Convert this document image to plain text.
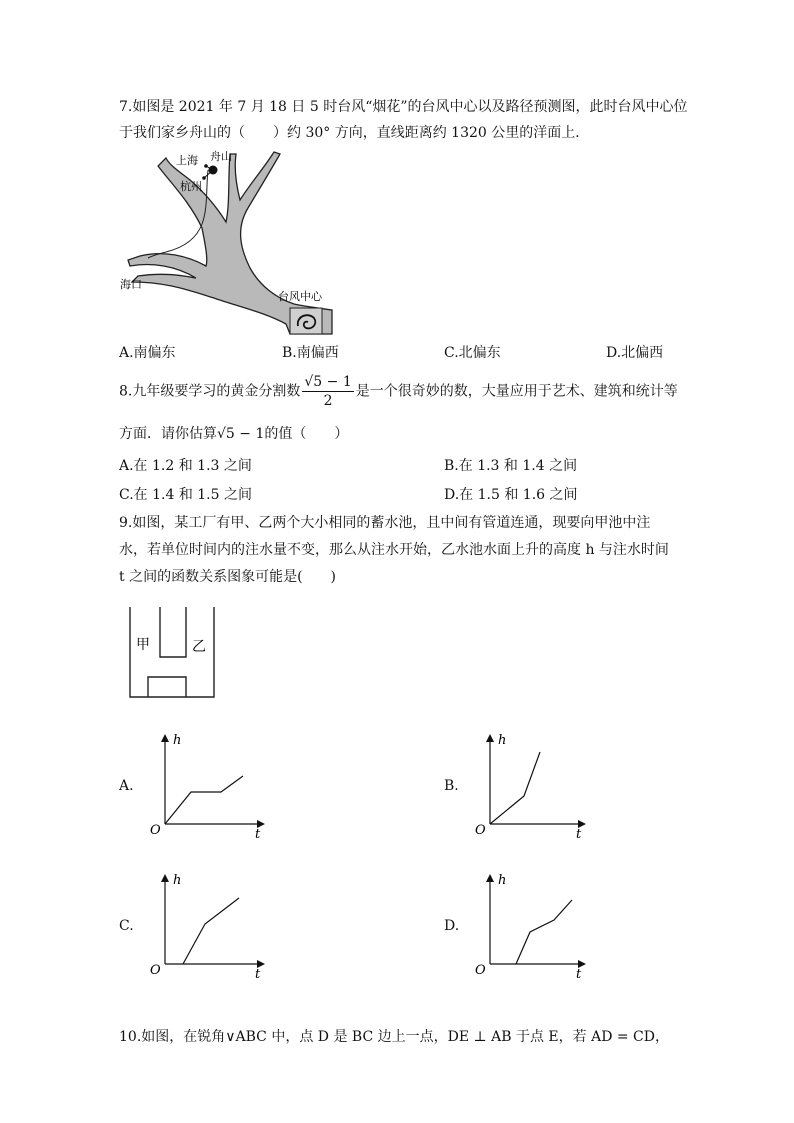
7.如图是 2021 年 7 月 18 日 5 时台风“烟花”的台风中心以及路径预测图，此时台风中心位
于我们家乡舟山的（　　）约 30° 方向，直线距离约 1320 公里的洋面上．
上海 舟山
杭州
海口
台风中心
A.南偏东	B.南偏西	C.北偏东	D.北偏西
8.九年级要学习的黄金分割数 $\frac{√5 - 1}{2}$ 是一个很奇妙的数，大量应用于艺术、建筑和统计等
方面．请你估算√5 − 1的值（　　）
A.在 1.2 和 1.3 之间	B.在 1.3 和 1.4 之间
C.在 1.4 和 1.5 之间	D.在 1.5 和 1.6 之间
9.如图，某工厂有甲、乙两个大小相同的蓄水池，且中间有管道连通，现要向甲池中注
水，若单位时间内的注水量不变，那么从注水开始，乙水池水面上升的高度 h 与注水时间
t 之间的函数关系图象可能是(　　)
甲	乙
A.
h
t
O
B.
h
t
O
C.
h
t
O
D.
h
t
O
10.如图，在锐角∨ABC 中，点 D 是 BC 边上一点，DE ⊥ AB 于点 E，若 AD = CD，
